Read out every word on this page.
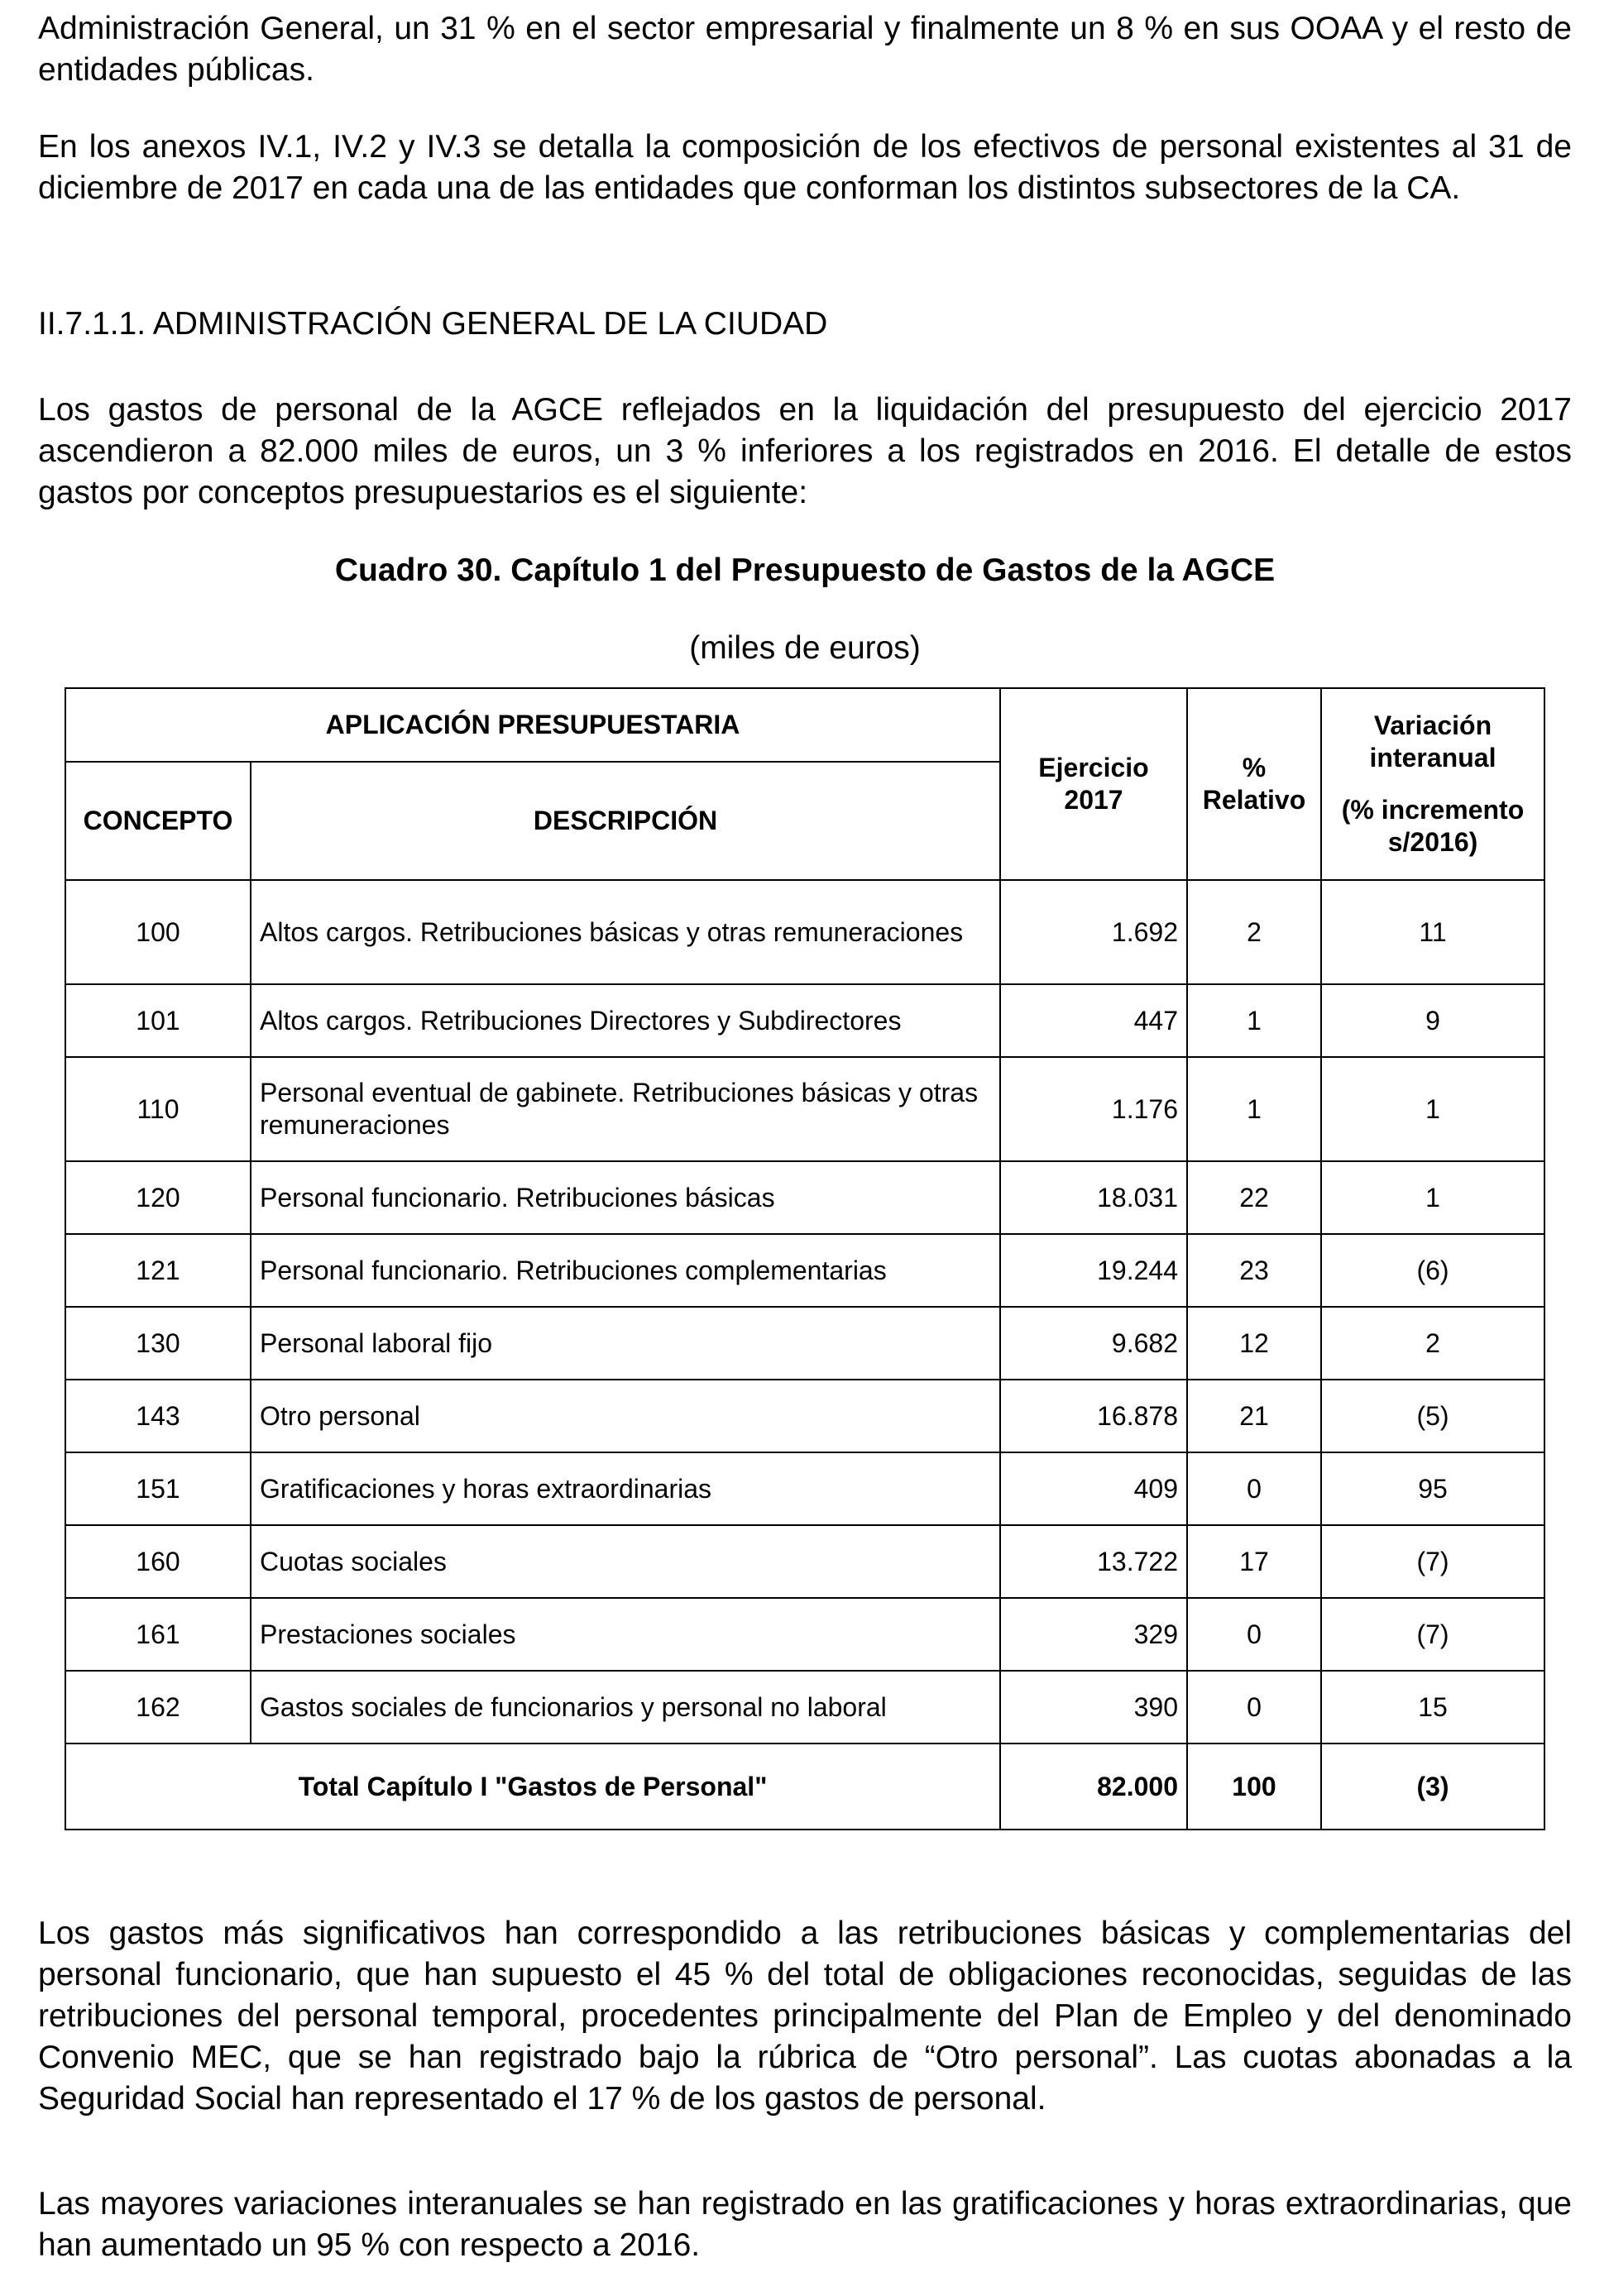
Administración General, un 31 % en el sector empresarial y finalmente un 8 % en sus OOAA y el resto de entidades públicas.

En los anexos IV.1, IV.2 y IV.3 se detalla la composición de los efectivos de personal existentes al 31 de diciembre de 2017 en cada una de las entidades que conforman los distintos subsectores de la CA.

II.7.1.1. ADMINISTRACIÓN GENERAL DE LA CIUDAD

Los gastos de personal de la AGCE reflejados en la liquidación del presupuesto del ejercicio 2017 ascendieron a 82.000 miles de euros, un 3 % inferiores a los registrados en 2016. El detalle de estos gastos por conceptos presupuestarios es el siguiente:

Cuadro 30. Capítulo 1 del Presupuesto de Gastos de la AGCE

(miles de euros)

APLICACIÓN PRESUPUESTARIA		Ejercicio 2017	% Relativo	Variación interanual
(% incremento s/2016)

CONCEPTO	DESCRIPCIÓN			
100	Altos cargos. Retribuciones básicas y otras remuneraciones	1.692	2	11
101	Altos cargos. Retribuciones Directores y Subdirectores	447	1	9
110	Personal eventual de gabinete. Retribuciones básicas y otras remuneraciones	1.176	1	1
120	Personal funcionario. Retribuciones básicas	18.031	22	1
121	Personal funcionario. Retribuciones complementarias	19.244	23	(6)
130	Personal laboral fijo	9.682	12	2
143	Otro personal	16.878	21	(5)
151	Gratificaciones y horas extraordinarias	409	0	95
160	Cuotas sociales	13.722	17	(7)
161	Prestaciones sociales	329	0	(7)
162	Gastos sociales de funcionarios y personal no laboral	390	0	15
Total Capítulo I "Gastos de Personal"		82.000	100	(3)

Los gastos más significativos han correspondido a las retribuciones básicas y complementarias del personal funcionario, que han supuesto el 45 % del total de obligaciones reconocidas, seguidas de las retribuciones del personal temporal, procedentes principalmente del Plan de Empleo y del denominado Convenio MEC, que se han registrado bajo la rúbrica de “Otro personal”. Las cuotas abonadas a la Seguridad Social han representado el 17 % de los gastos de personal.

Las mayores variaciones interanuales se han registrado en las gratificaciones y horas extraordinarias, que han aumentado un 95 % con respecto a 2016.
